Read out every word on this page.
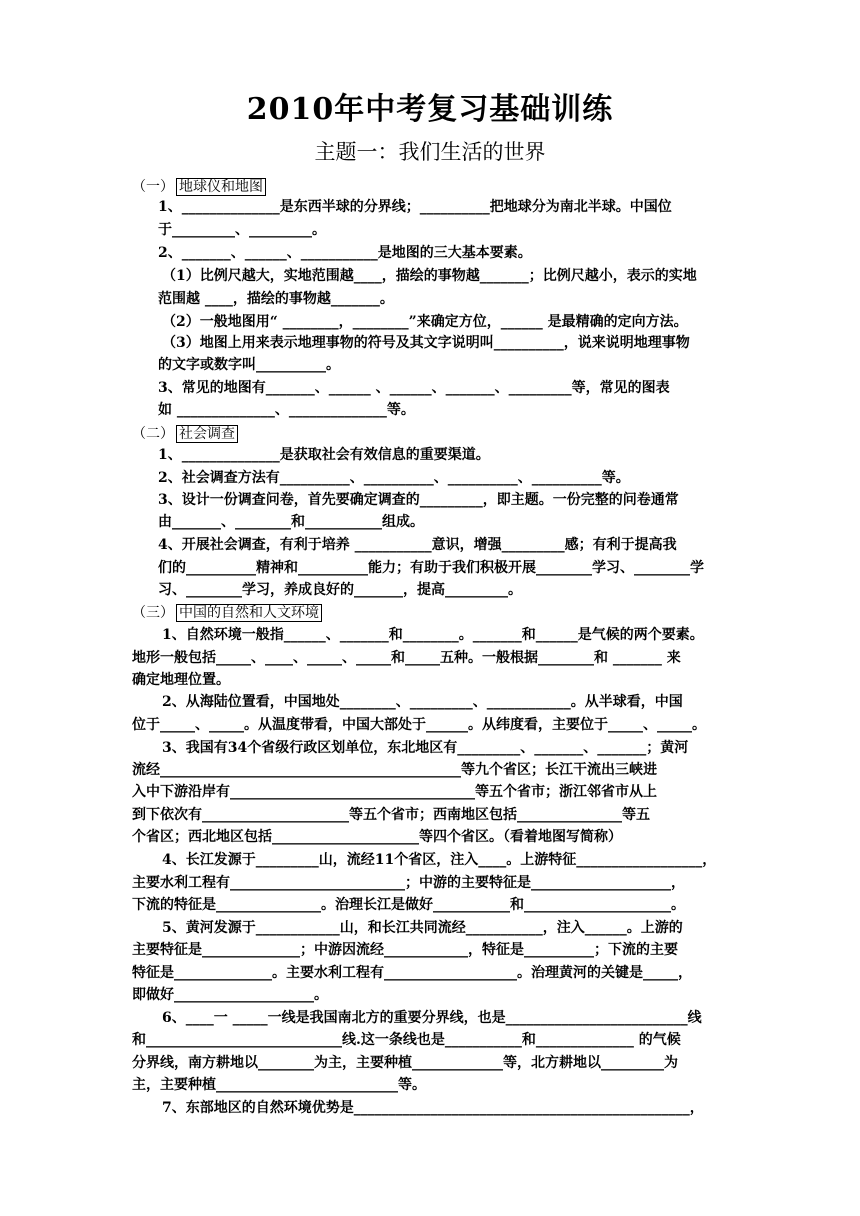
2010年中考复习基础训练
主题一：我们生活的世界
（一） 地球仪和地图
1、______________是东西半球的分界线；__________把地球分为南北半球。中国位
于_________、_________。
2、_______、______、___________是地图的三大基本要素。
（1）比例尺越大，实地范围越____，描绘的事物越_______；比例尺越小，表示的实地
范围越 ____，描绘的事物越_______。
（2）一般地图用“ ________，________”来确定方位，______ 是最精确的定向方法。
（3）地图上用来表示地理事物的符号及其文字说明叫__________，说来说明地理事物
的文字或数字叫__________。
3、常见的地图有_______、______ 、______、_______、_________等，常见的图表
如 ______________、______________等。
（二） 社会调查
1、______________是获取社会有效信息的重要渠道。
2、社会调查方法有__________、__________、__________、__________等。
3、设计一份调查问卷，首先要确定调查的_________，即主题。一份完整的问卷通常
由_______、________和___________组成。
4、开展社会调查，有利于培养 ___________意识，增强_________感；有利于提高我
们的__________精神和__________能力；有助于我们积极开展________学习、________学
习、________学习，养成良好的_______，提高_________。
（三） 中国的自然和人文环境
1、自然环境一般指______、_______和________。_______和______是气候的两个要素。
地形一般包括_____、____、_____、_____和_____五种。一般根据________和 _______ 来
确定地理位置。
2、从海陆位置看，中国地处________、_________、____________。从半球看，中国
位于_____、_____。从温度带看，中国大部处于______。从纬度看，主要位于_____、_____。
3、我国有34个省级行政区划单位，东北地区有_________、_______、_______；黄河
流经___________________________________________等九个省区；长江干流出三峡进
入中下游沿岸有___________________________________等五个省市；浙江邻省市从上
到下依次有_____________________等五个省市；西南地区包括_______________等五
个省区；西北地区包括_____________________等四个省区。（看着地图写简称）
4、长江发源于_________山，流经11个省区，注入____。上游特征__________________，
主要水利工程有_________________________；中游的主要特征是____________________，
下流的特征是_______________。治理长江是做好___________和_____________________。
5、黄河发源于____________山，和长江共同流经___________，注入______。上游的
主要特征是______________；中游因流经____________，特征是__________；下流的主要
特征是______________。主要水利工程有___________________。治理黄河的关键是_____，
即做好____________________。
6、____一 _____一线是我国南北方的重要分界线，也是__________________________线
和____________________________线.这一条线也是___________和______________ 的气候
分界线，南方耕地以________为主，主要种植_____________等，北方耕地以_________为
主，主要种植__________________________等。
7、东部地区的自然环境优势是________________________________________________，
